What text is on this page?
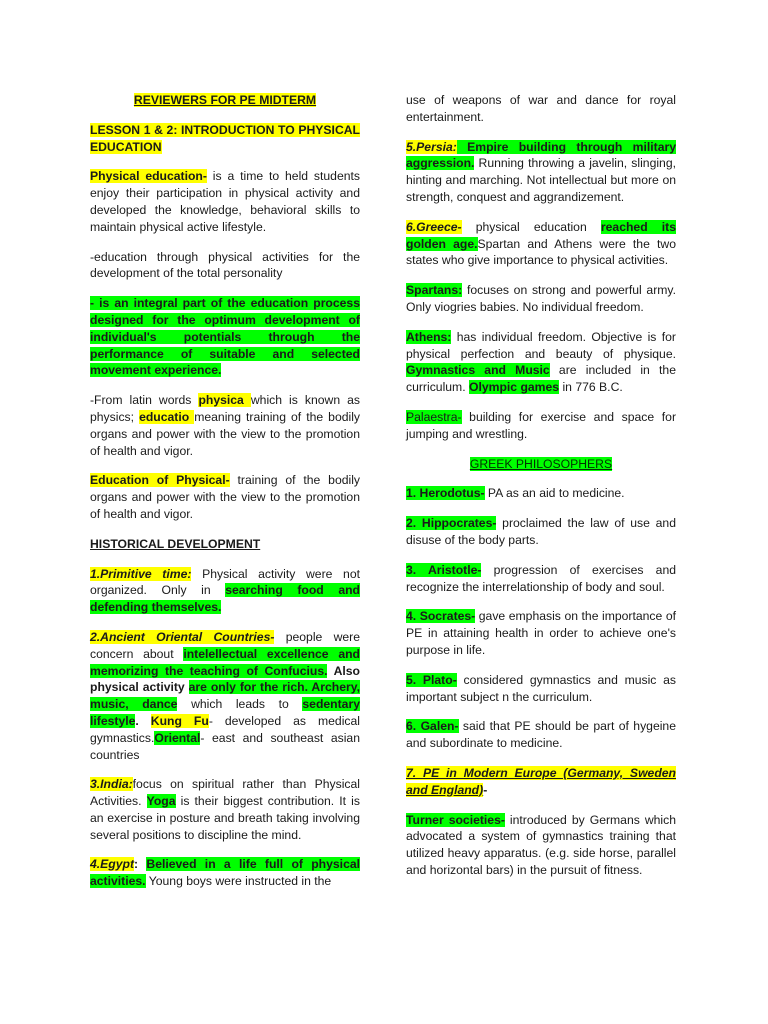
REVIEWERS FOR PE MIDTERM
LESSON 1 & 2: INTRODUCTION TO PHYSICAL EDUCATION
Physical education- is a time to held students enjoy their participation in physical activity and developed the knowledge, behavioral skills to maintain physical active lifestyle.
-education through physical activities for the development of the total personality
- is an integral part of the education process designed for the optimum development of individual's potentials through the performance of suitable and selected movement experience.
-From latin words physica which is known as physics; educatio meaning training of the bodily organs and power with the view to the promotion of health and vigor.
Education of Physical- training of the bodily organs and power with the view to the promotion of health and vigor.
HISTORICAL DEVELOPMENT
1.Primitive time: Physical activity were not organized. Only in searching food and defending themselves.
2.Ancient Oriental Countries- people were concern about intelellectual excellence and memorizing the teaching of Confucius. Also physical activity are only for the rich. Archery, music, dance which leads to sedentary lifestyle. Kung Fu- developed as medical gymnastics.Oriental- east and southeast asian countries
3.India:focus on spiritual rather than Physical Activities. Yoga is their biggest contribution. It is an exercise in posture and breath taking involving several positions to discipline the mind.
4.Egypt: Believed in a life full of physical activities. Young boys were instructed in the
use of weapons of war and dance for royal entertainment.
5.Persia: Empire building through military aggression. Running throwing a javelin, slinging, hinting and marching. Not intellectual but more on strength, conquest and aggrandizement.
6.Greece- physical education reached its golden age.Spartan and Athens were the two states who give importance to physical activities.
Spartans: focuses on strong and powerful army. Only viogries babies. No individual freedom.
Athens: has individual freedom. Objective is for physical perfection and beauty of physique. Gymnastics and Music are included in the curriculum. Olympic games in 776 B.C.
Palaestra- building for exercise and space for jumping and wrestling.
GREEK PHILOSOPHERS
1. Herodotus- PA as an aid to medicine.
2. Hippocrates- proclaimed the law of use and disuse of the body parts.
3. Aristotle- progression of exercises and recognize the interrelationship of body and soul.
4. Socrates- gave emphasis on the importance of PE in attaining health in order to achieve one's purpose in life.
5. Plato- considered gymnastics and music as important subject n the curriculum.
6. Galen- said that PE should be part of hygeine and subordinate to medicine.
7. PE in Modern Europe (Germany, Sweden and England)-
Turner societies- introduced by Germans which advocated a system of gymnastics training that utilized heavy apparatus. (e.g. side horse, parallel and horizontal bars) in the pursuit of fitness.
